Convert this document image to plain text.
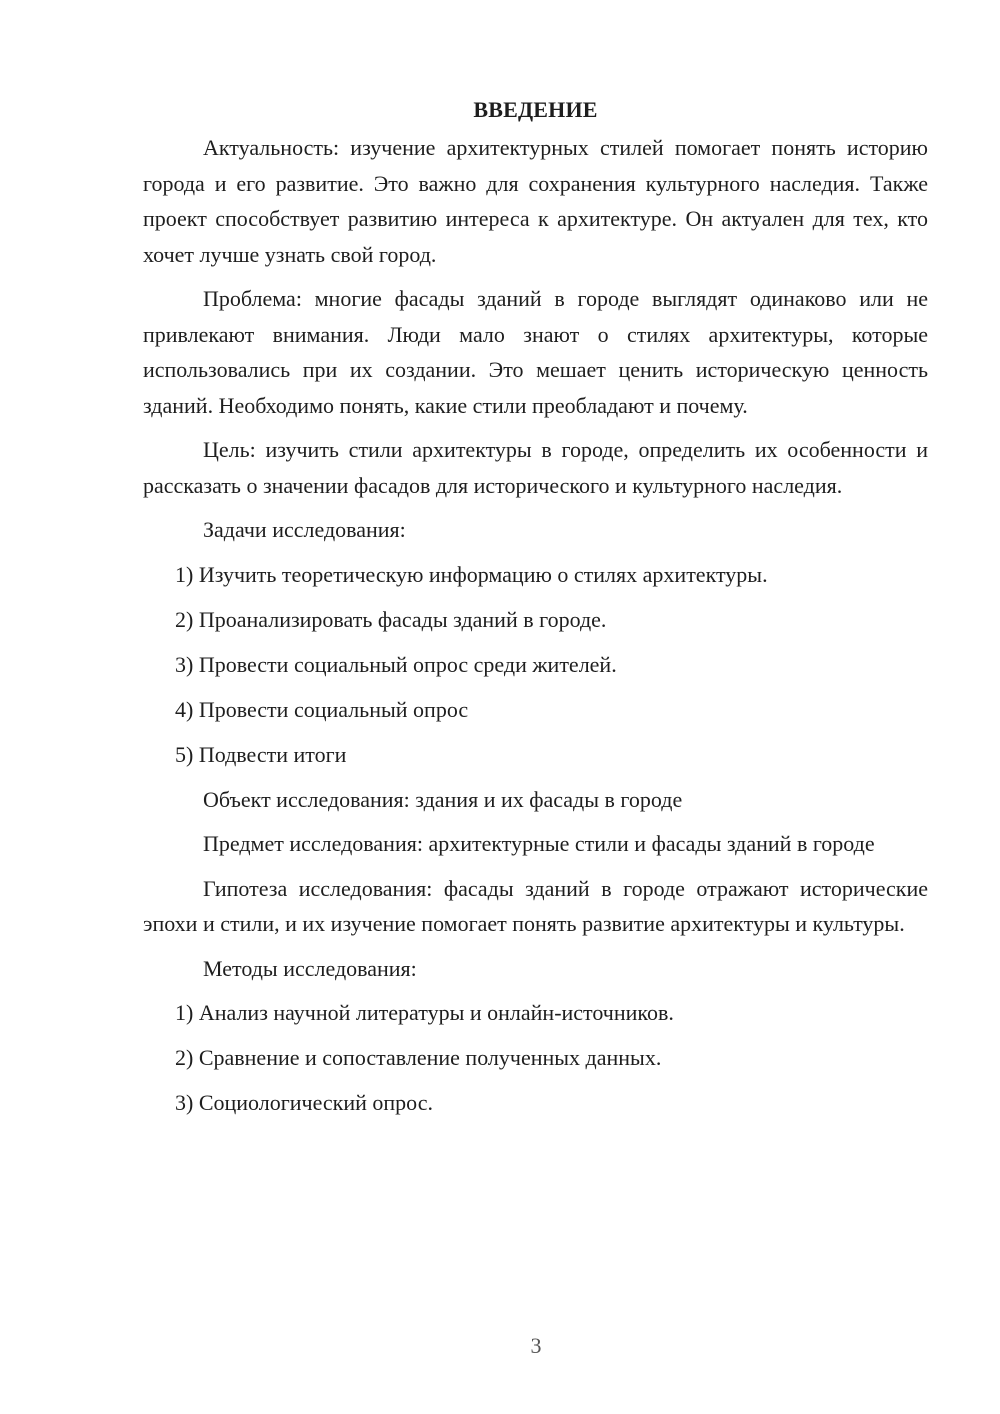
ВВЕДЕНИЕ

Актуальность: изучение архитектурных стилей помогает понять историю города и его развитие. Это важно для сохранения культурного наследия. Также проект способствует развитию интереса к архитектуре. Он актуален для тех, кто хочет лучше узнать свой город.

Проблема: многие фасады зданий в городе выглядят одинаково или не привлекают внимания. Люди мало знают о стилях архитектуры, которые использовались при их создании. Это мешает ценить историческую ценность зданий. Необходимо понять, какие стили преобладают и почему.

Цель: изучить стили архитектуры в городе, определить их особенности и рассказать о значении фасадов для исторического и культурного наследия.

Задачи исследования:

1) Изучить теоретическую информацию о стилях архитектуры.
2) Проанализировать фасады зданий в городе.
3) Провести социальный опрос среди жителей.
4) Провести социальный опрос
5) Подвести итоги

Объект исследования: здания и их фасады в городе

Предмет исследования: архитектурные стили и фасады зданий в городе

Гипотеза исследования: фасады зданий в городе отражают исторические эпохи и стили, и их изучение помогает понять развитие архитектуры и культуры.

Методы исследования:

1) Анализ научной литературы и онлайн-источников.
2) Сравнение и сопоставление полученных данных.
3) Социологический опрос.
3
